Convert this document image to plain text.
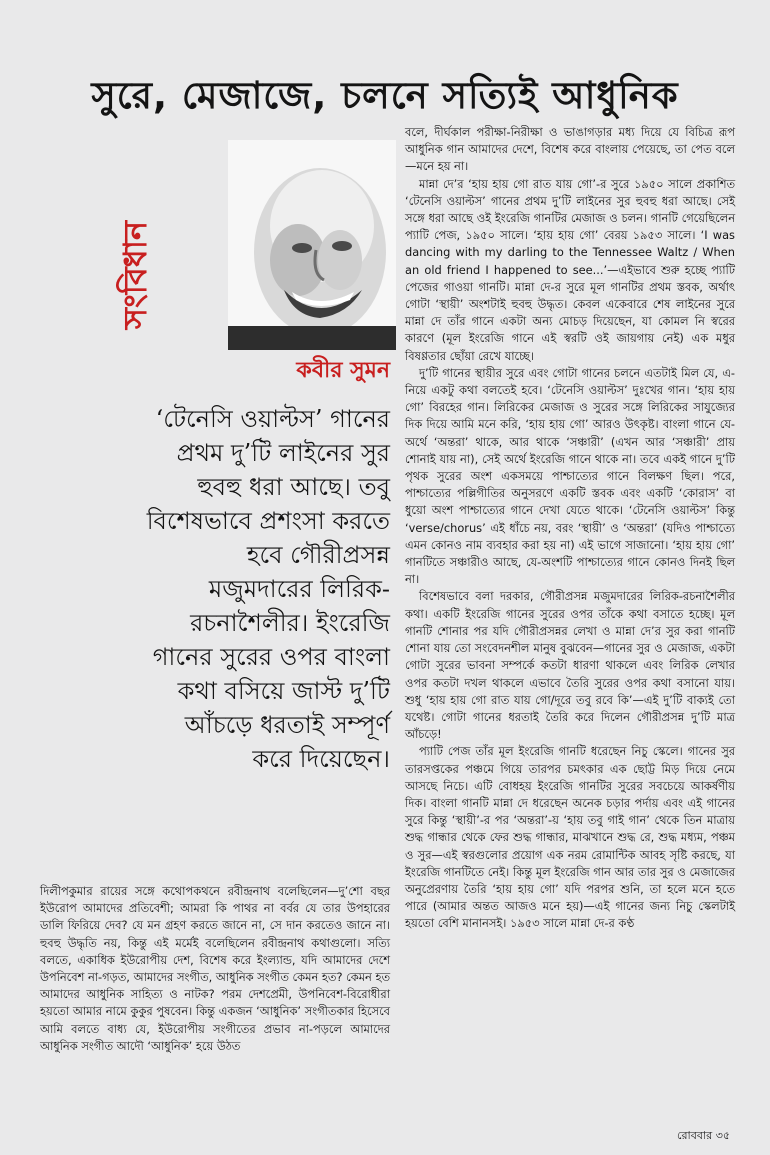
সুরে, মেজাজে, চলনে সত্যিই আধুনিক
সংবিধান

কবীর সুমন

‘টেনেসি ওয়াল্টস’ গানের
প্রথম দু’টি লাইনের সুর
হুবহু ধরা আছে। তবু
বিশেষভাবে প্রশংসা করতে
হবে গৌরীপ্রসন্ন
মজুমদারের লিরিক-
রচনাশৈলীর। ইংরেজি
গানের সুরের ওপর বাংলা
কথা বসিয়ে জাস্ট দু’টি
আঁচড়ে ধরতাই সম্পূর্ণ
করে দিয়েছেন।

দিলীপকুমার রায়ের সঙ্গে কথোপকথনে রবীন্দ্রনাথ বলেছিলেন—দু’শো বছর ইউরোপ আমাদের প্রতিবেশী; আমরা কি পাথর না বর্বর যে তার উপহারের ডালি ফিরিয়ে দেব? যে মন গ্রহণ করতে জানে না, সে দান করতেও জানে না। হুবহু উদ্ধৃতি নয়, কিন্তু এই মর্মেই বলেছিলেন রবীন্দ্রনাথ কথাগুলো। সত্যি বলতে, একাধিক ইউরোপীয় দেশ, বিশেষ করে ইংল্যান্ড, যদি আমাদের দেশে উপনিবেশ না-গড়ত, আমাদের সংগীত, আধুনিক সংগীত কেমন হত? কেমন হত আমাদের আধুনিক সাহিত্য ও নাটক? পরম দেশপ্রেমী, উপনিবেশ-বিরোধীরা হয়তো আমার নামে কুকুর পুষবেন। কিন্তু একজন ‘আধুনিক’ সংগীতকার হিসেবে আমি বলতে বাধ্য যে, ইউরোপীয় সংগীতের প্রভাব না-পড়লে আমাদের আধুনিক সংগীত আদৌ ‘আধুনিক’ হয়ে উঠত

বলে, দীর্ঘকাল পরীক্ষা-নিরীক্ষা ও ভাঙাগড়ার মধ্য দিয়ে যে বিচিত্র রূপ আধুনিক গান আমাদের দেশে, বিশেষ করে বাংলায় পেয়েছে, তা পেত বলে—মনে হয় না।

মান্না দে’র ‘হায় হায় গো রাত যায় গো’-র সুরে ১৯৫০ সালে প্রকাশিত ‘টেনেসি ওয়াল্টস’ গানের প্রথম দু’টি লাইনের সুর হুবহু ধরা আছে। সেই সঙ্গে ধরা আছে ওই ইংরেজি গানটির মেজাজ ও চলন। গানটি গেয়েছিলেন প্যাটি পেজ, ১৯৫০ সালে। ‘হায় হায় গো’ বেরয় ১৯৫৩ সালে। ‘I was dancing with my darling to the Tennessee Waltz / When an old friend I happened to see...’—এইভাবে শুরু হচ্ছে প্যাটি পেজের গাওয়া গানটি। মান্না দে-র সুরে মূল গানটির প্রথম স্তবক, অর্থাৎ গোটা ‘স্থায়ী’ অংশটাই হুবহু উদ্ধৃত। কেবল একেবারে শেষ লাইনের সুরে মান্না দে তাঁর গানে একটা অন্য মোচড় দিয়েছেন, যা কোমল নি স্বরের কারণে (মূল ইংরেজি গানে এই স্বরটি ওই জায়গায় নেই) এক মধুর বিষণ্ণতার ছোঁয়া রেখে যাচ্ছে।

দু’টি গানের স্থায়ীর সুরে এবং গোটা গানের চলনে এতটাই মিল যে, এ-নিয়ে একটু কথা বলতেই হবে। ‘টেনেসি ওয়াল্টস’ দুঃখের গান। ‘হায় হায় গো’ বিরহের গান। লিরিকের মেজাজ ও সুরের সঙ্গে লিরিকের সাযুজ্যের দিক দিয়ে আমি মনে করি, ‘হায় হায় গো’ আরও উৎকৃষ্ট। বাংলা গানে যে-অর্থে ‘অন্তরা’ থাকে, আর থাকে ‘সঞ্চারী’ (এখন আর ‘সঞ্চারী’ প্রায় শোনাই যায় না), সেই অর্থে ইংরেজি গানে থাকে না। তবে একই গানে দু’টি পৃথক সুরের অংশ একসময়ে পাশ্চাত্যের গানে বিলক্ষণ ছিল। পরে, পাশ্চাত্যের পল্লিগীতির অনুসরণে একটি স্তবক এবং একটি ‘কোরাস’ বা ধুয়ো অংশ পাশ্চাত্যের গানে দেখা যেতে থাকে। ‘টেনেসি ওয়াল্টস’ কিন্তু ‘verse/chorus’ এই ধাঁচে নয়, বরং ‘স্থায়ী’ ও ‘অন্তরা’ (যদিও পাশ্চাত্যে এমন কোনও নাম ব্যবহার করা হয় না) এই ভাগে সাজানো। ‘হায় হায় গো’ গানটিতে সঞ্চারীও আছে, যে-অংশটি পাশ্চাত্যের গানে কোনও দিনই ছিল না।

বিশেষভাবে বলা দরকার, গৌরীপ্রসন্ন মজুমদারের লিরিক-রচনাশৈলীর কথা। একটি ইংরেজি গানের সুরের ওপর তাঁকে কথা বসাতে হচ্ছে। মূল গানটি শোনার পর যদি গৌরীপ্রসন্নর লেখা ও মান্না দে’র সুর করা গানটি শোনা যায় তো সংবেদনশীল মানুষ বুঝবেন—গানের সুর ও মেজাজ, একটা গোটা সুরের ভাবনা সম্পর্কে কতটা ধারণা থাকলে এবং লিরিক লেখার ওপর কতটা দখল থাকলে এভাবে তৈরি সুরের ওপর কথা বসানো যায়। শুধু ‘হায় হায় গো রাত যায় গো/দূরে তবু রবে কি’—এই দু’টি বাক্যই তো যথেষ্ট। গোটা গানের ধরতাই তৈরি করে দিলেন গৌরীপ্রসন্ন দু’টি মাত্র আঁচড়ে!

প্যাটি পেজ তাঁর মূল ইংরেজি গানটি ধরেছেন নিচু স্কেলে। গানের সুর তারসপ্তকের পঞ্চমে গিয়ে তারপর চমৎকার এক ছোট্ট মিড় দিয়ে নেমে আসছে নিচে। এটি বোধহয় ইংরেজি গানটির সুরের সবচেয়ে আকর্ষণীয় দিক। বাংলা গানটি মান্না দে ধরেছেন অনেক চড়ার পর্দায় এবং এই গানের সুরে কিন্তু ‘স্থায়ী’-র পর ‘অন্তরা’-য় ‘হায় তবু গাই গান’ থেকে তিন মাত্রায় শুদ্ধ গান্ধার থেকে ফের শুদ্ধ গান্ধার, মাঝখানে শুদ্ধ রে, শুদ্ধ মধ্যম, পঞ্চম ও সুর—এই স্বরগুলোর প্রয়োগ এক নরম রোমান্টিক আবহ সৃষ্টি করছে, যা ইংরেজি গানটিতে নেই। কিন্তু মূল ইংরেজি গান আর তার সুর ও মেজাজের অনুপ্রেরণায় তৈরি ‘হায় হায় গো’ যদি পরপর শুনি, তা হলে মনে হতে পারে (আমার অন্তত আজও মনে হয়)—এই গানের জন্য নিচু স্কেলটাই হয়তো বেশি মানানসই। ১৯৫৩ সালে মান্না দে-র কণ্ঠ

রোববার ৩৫
